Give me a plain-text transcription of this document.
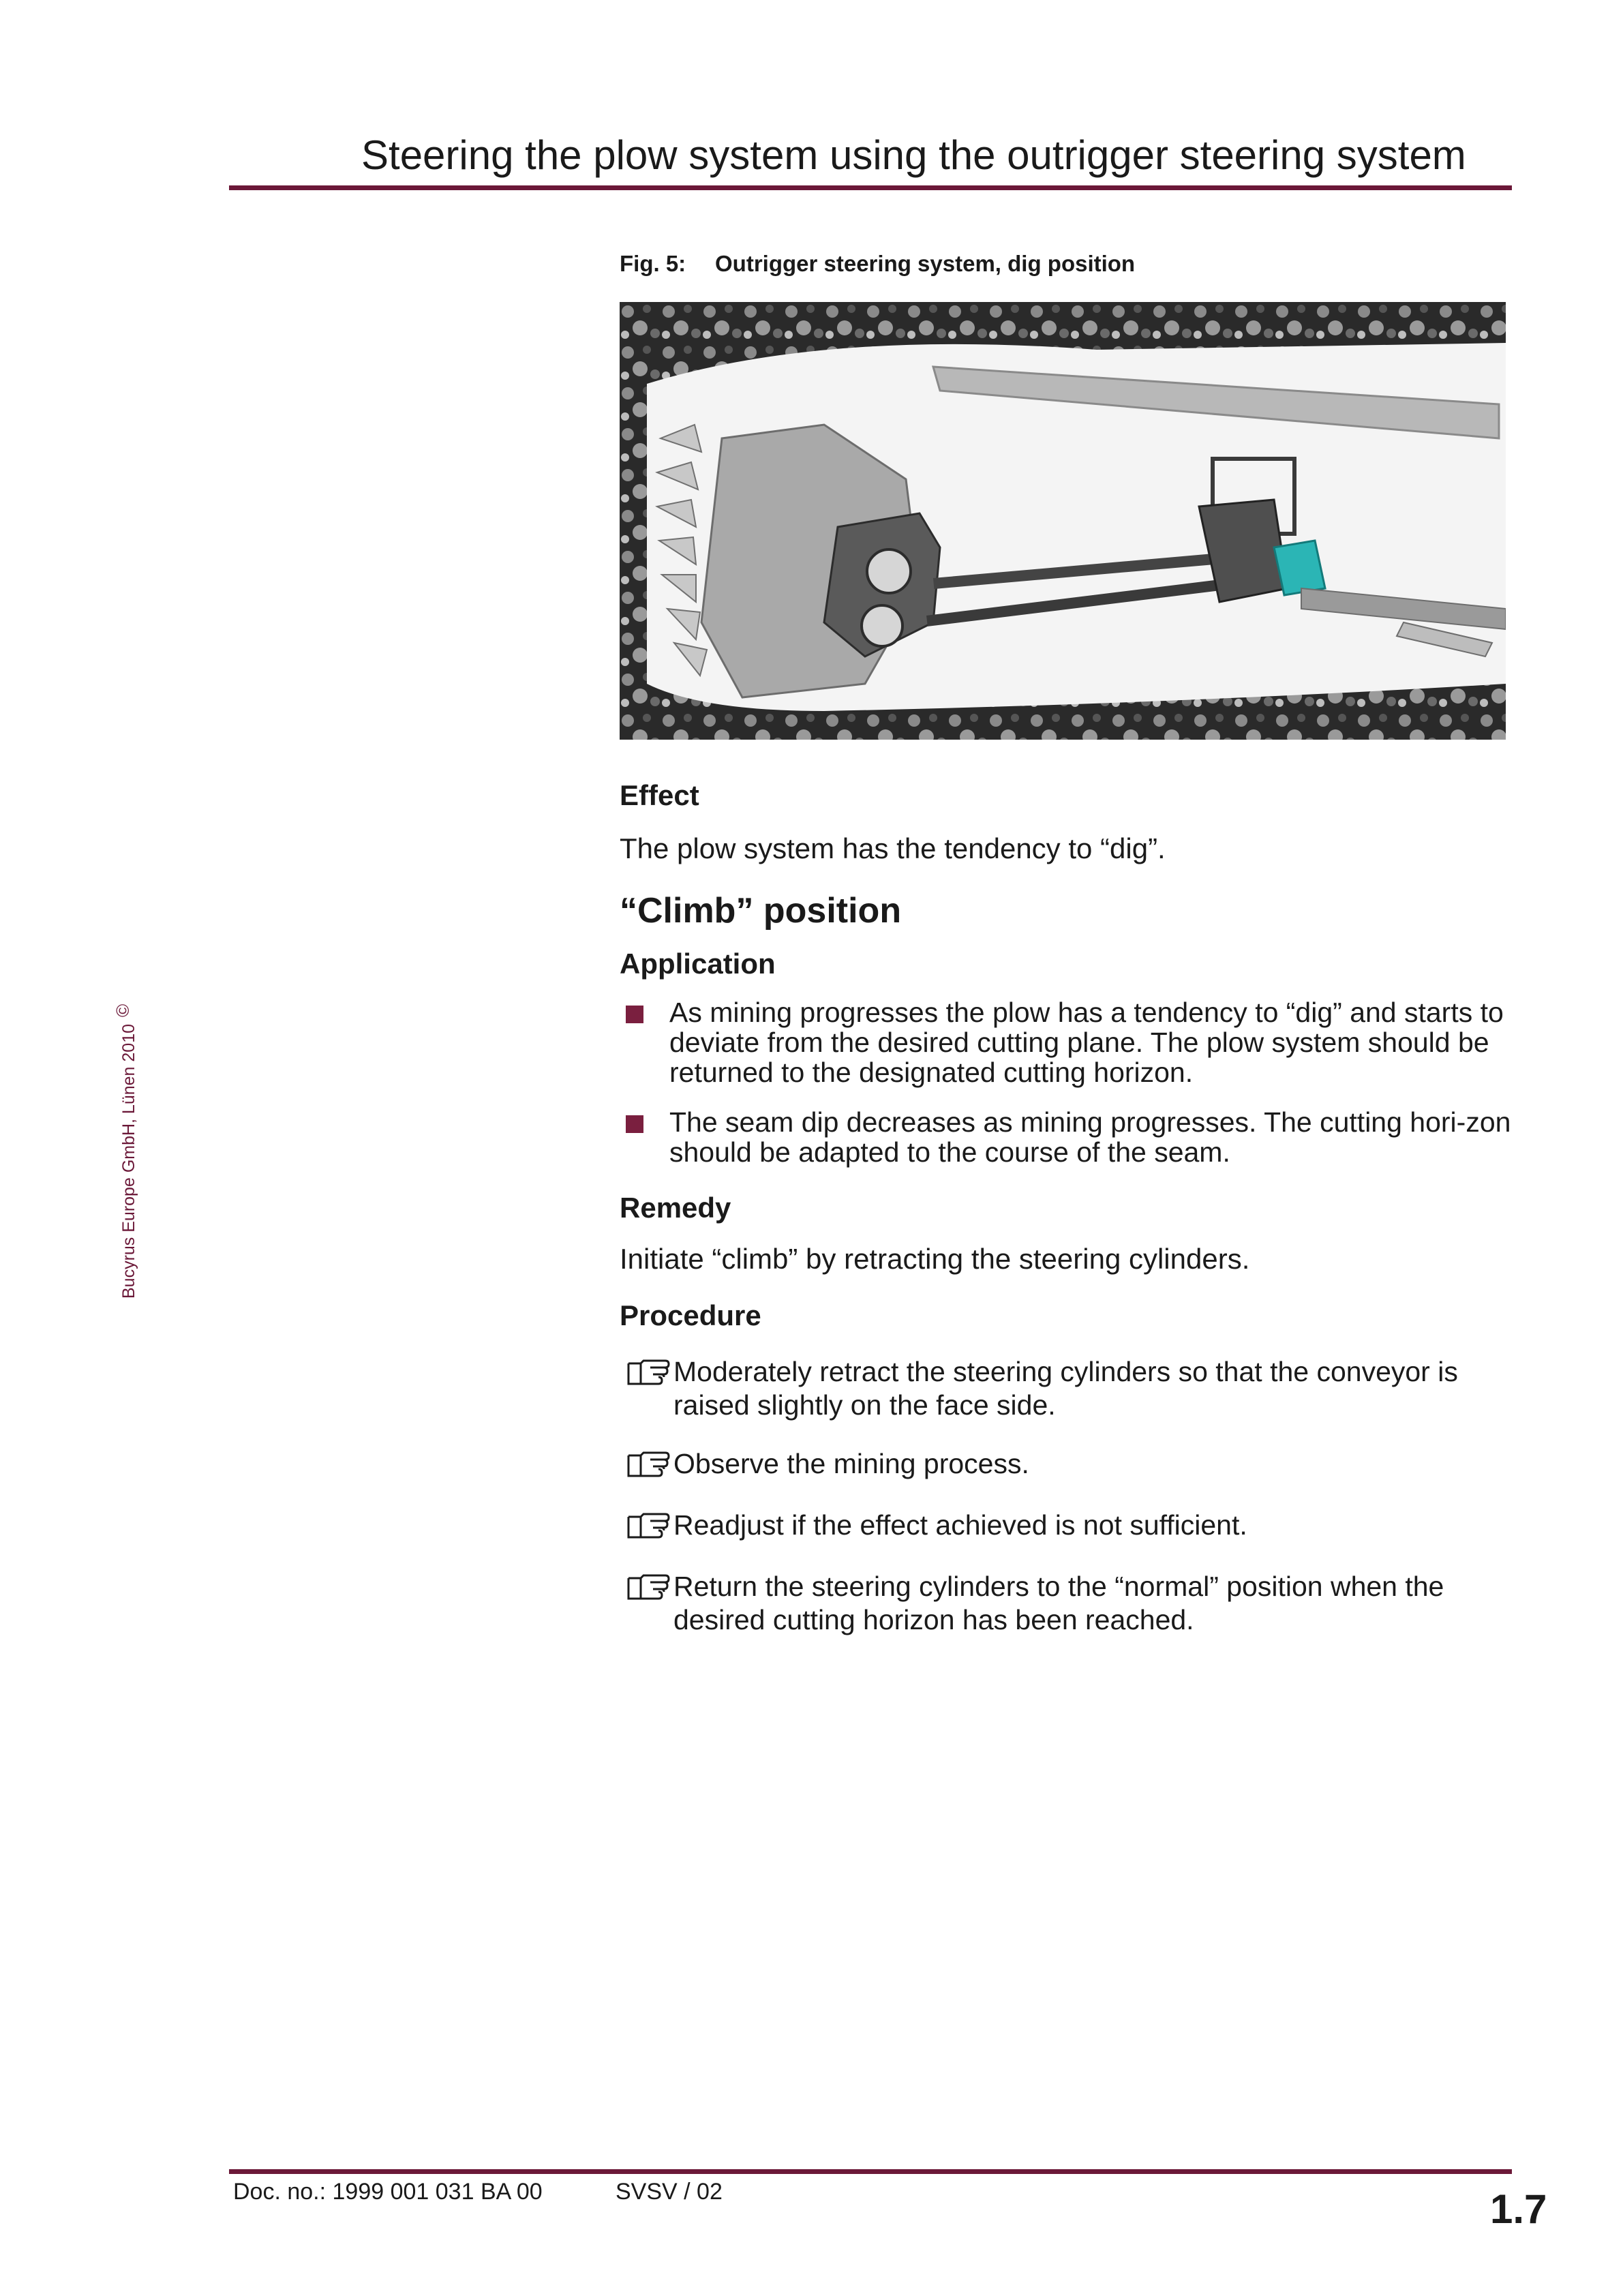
Steering the plow system using the outrigger steering system
Bucyrus Europe GmbH, Lünen 2010©
Fig. 5: Outrigger steering system, dig position
Effect
The plow system has the tendency to “dig”.
“Climb” position
Application
As mining progresses the plow has a tendency to “dig” and starts to deviate from the desired cutting plane. The plow system should be returned to the designated cutting horizon.
The seam dip decreases as mining progresses. The cutting hori-zon should be adapted to the course of the seam.
Remedy
Initiate “climb” by retracting the steering cylinders.
Procedure
Moderately retract the steering cylinders so that the conveyor is raised slightly on the face side.
Observe the mining process.
Readjust if the effect achieved is not sufficient.
Return the steering cylinders to the “normal” position when the desired cutting horizon has been reached.
Doc. no.: 1999 001 031 BA 00	SVSV / 02	1.7
